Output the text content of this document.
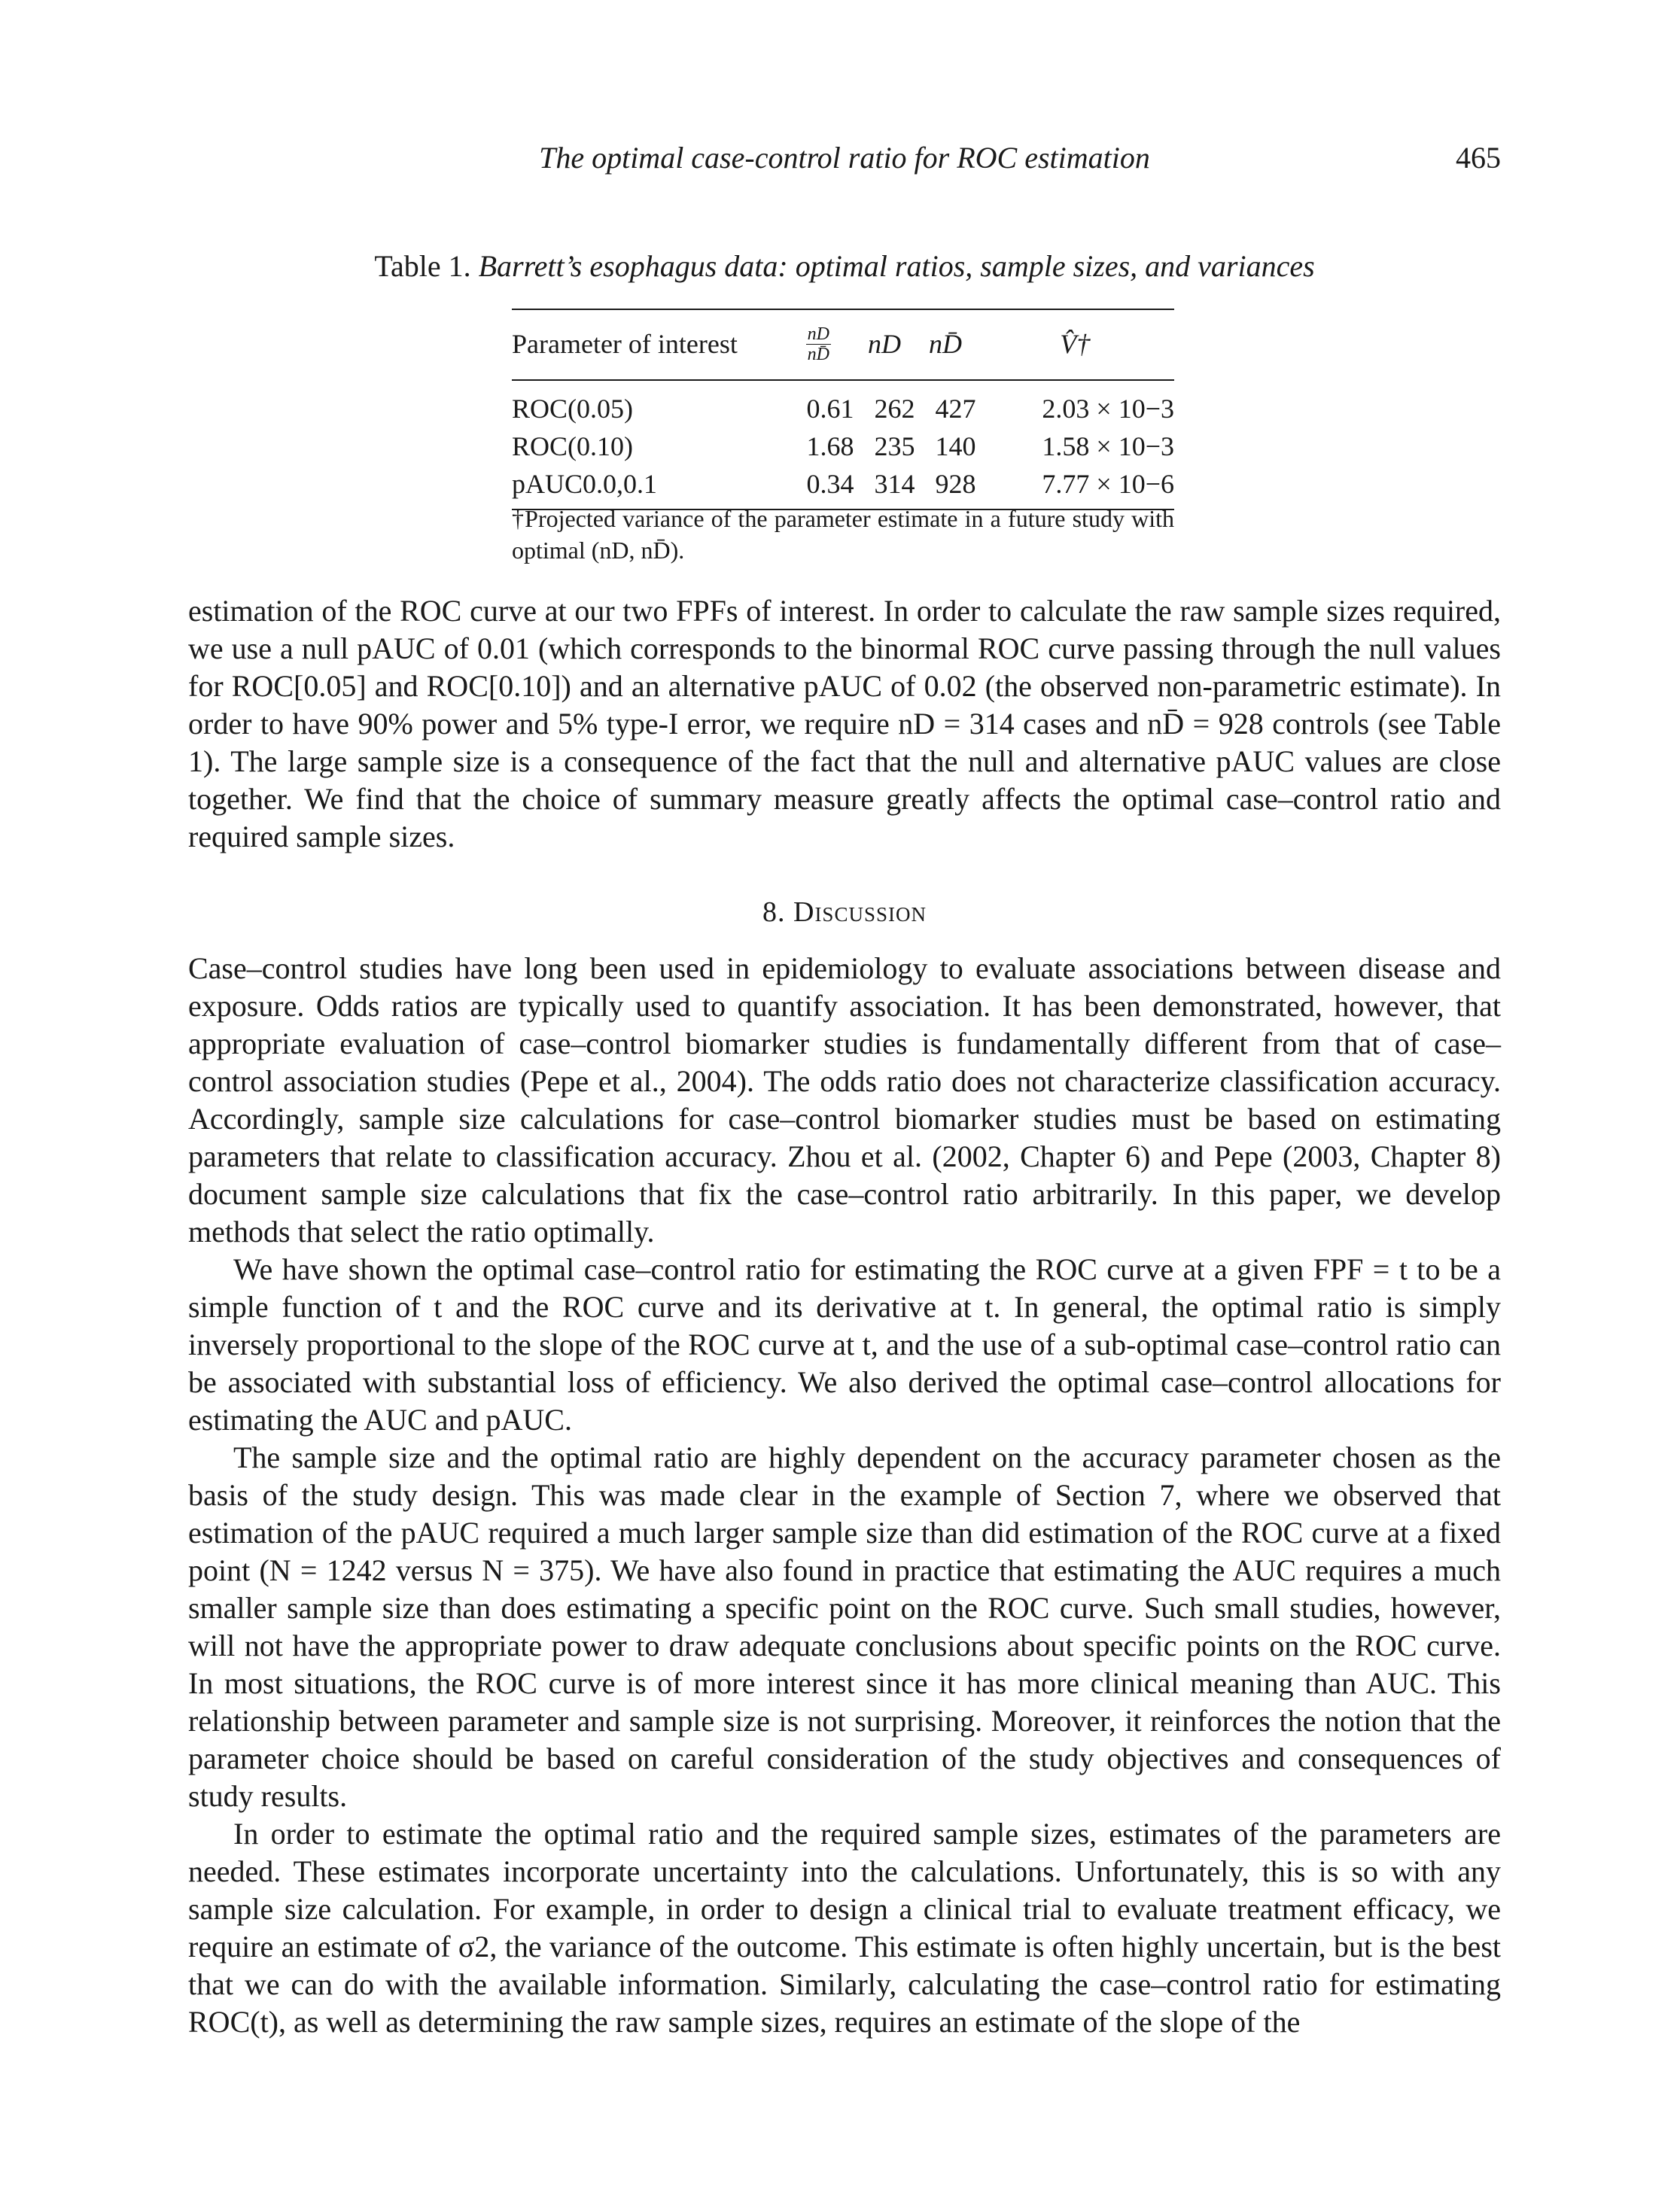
The optimal case-control ratio for ROC estimation	465
Table 1. Barrett’s esophagus data: optimal ratios, sample sizes, and variances
Parameter of interest	$\frac{nD}{nD̄}$	nD	nD̄	V̂†
ROC(0.05)	0.61	262	427	2.03 × 10−3
ROC(0.10)	1.68	235	140	1.58 × 10−3
pAUC0.0,0.1	0.34	314	928	7.77 × 10−6
†Projected variance of the parameter estimate in a future study with optimal (nD, nD̄).

estimation of the ROC curve at our two FPFs of interest. In order to calculate the raw sample sizes required, we use a null pAUC of 0.01 (which corresponds to the binormal ROC curve passing through the null values for ROC[0.05] and ROC[0.10]) and an alternative pAUC of 0.02 (the observed non-parametric estimate). In order to have 90% power and 5% type-I error, we require nD = 314 cases and nD̄ = 928 controls (see Table 1). The large sample size is a consequence of the fact that the null and alternative pAUC values are close together. We find that the choice of summary measure greatly affects the optimal case–control ratio and required sample sizes.

8. Discussion

Case–control studies have long been used in epidemiology to evaluate associations between disease and exposure. Odds ratios are typically used to quantify association. It has been demonstrated, however, that appropriate evaluation of case–control biomarker studies is fundamentally different from that of case–control association studies (Pepe et al., 2004). The odds ratio does not characterize classification accuracy. Accordingly, sample size calculations for case–control biomarker studies must be based on estimating parameters that relate to classification accuracy. Zhou et al. (2002, Chapter 6) and Pepe (2003, Chapter 8) document sample size calculations that fix the case–control ratio arbitrarily. In this paper, we develop methods that select the ratio optimally.

We have shown the optimal case–control ratio for estimating the ROC curve at a given FPF = t to be a simple function of t and the ROC curve and its derivative at t. In general, the optimal ratio is simply inversely proportional to the slope of the ROC curve at t, and the use of a sub-optimal case–control ratio can be associated with substantial loss of efficiency. We also derived the optimal case–control allocations for estimating the AUC and pAUC.

The sample size and the optimal ratio are highly dependent on the accuracy parameter chosen as the basis of the study design. This was made clear in the example of Section 7, where we observed that estimation of the pAUC required a much larger sample size than did estimation of the ROC curve at a fixed point (N = 1242 versus N = 375). We have also found in practice that estimating the AUC requires a much smaller sample size than does estimating a specific point on the ROC curve. Such small studies, however, will not have the appropriate power to draw adequate conclusions about specific points on the ROC curve. In most situations, the ROC curve is of more interest since it has more clinical meaning than AUC. This relationship between parameter and sample size is not surprising. Moreover, it reinforces the notion that the parameter choice should be based on careful consideration of the study objectives and consequences of study results.

In order to estimate the optimal ratio and the required sample sizes, estimates of the parameters are needed. These estimates incorporate uncertainty into the calculations. Unfortunately, this is so with any sample size calculation. For example, in order to design a clinical trial to evaluate treatment efficacy, we require an estimate of σ2, the variance of the outcome. This estimate is often highly uncertain, but is the best that we can do with the available information. Similarly, calculating the case–control ratio for estimating ROC(t), as well as determining the raw sample sizes, requires an estimate of the slope of the
